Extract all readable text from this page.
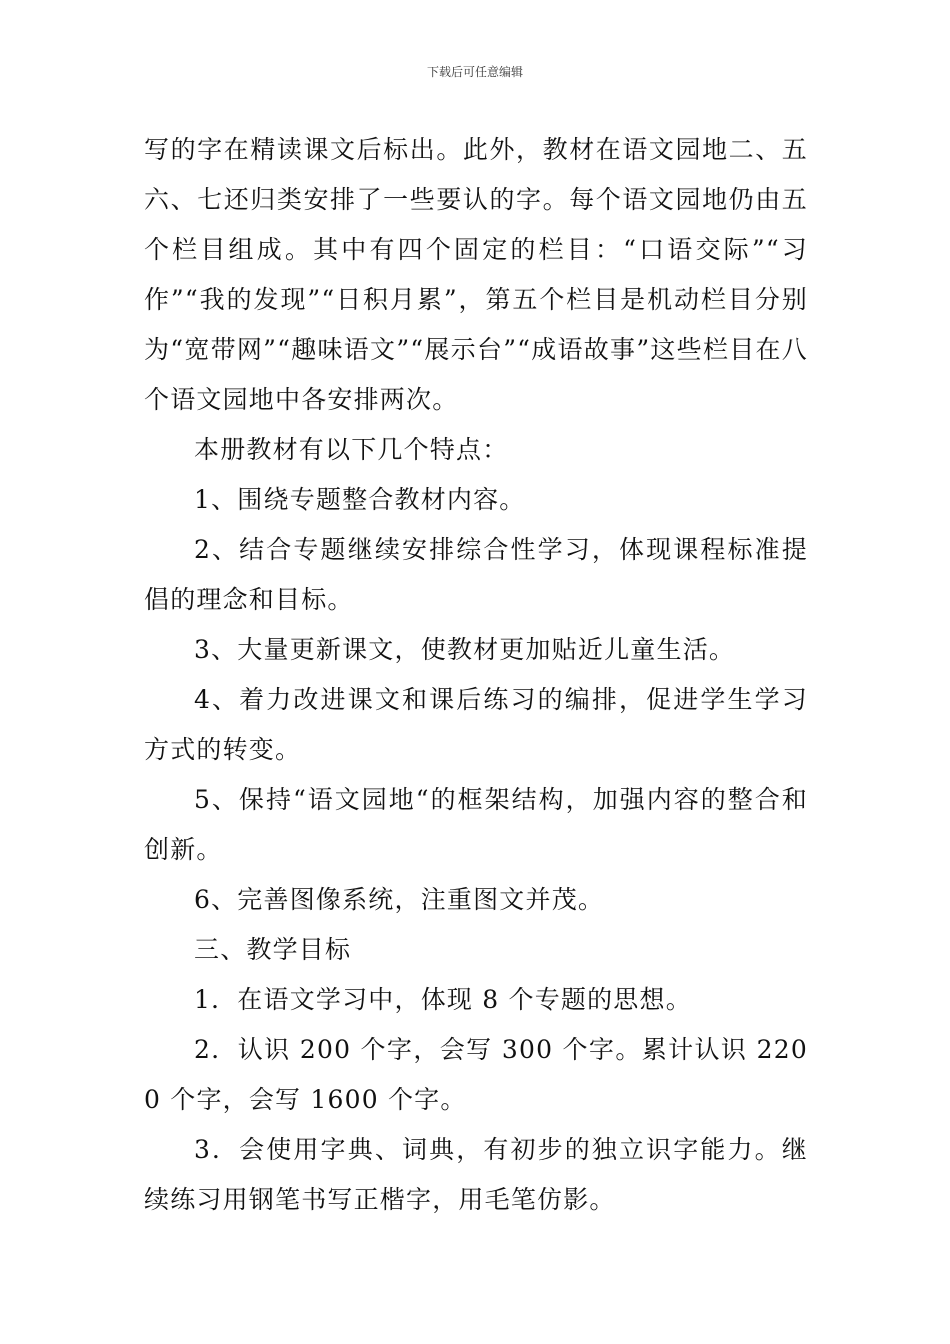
下载后可任意编辑

写的字在精读课文后标出。此外，教材在语文园地二、五六、七还归类安排了一些要认的字。每个语文园地仍由五个栏目组成。其中有四个固定的栏目：“口语交际”“习作”“我的发现”“日积月累”，第五个栏目是机动栏目分别为“宽带网”“趣味语文”“展示台”“成语故事”这些栏目在八个语文园地中各安排两次。

本册教材有以下几个特点：

1、围绕专题整合教材内容。

2、结合专题继续安排综合性学习，体现课程标准提倡的理念和目标。

3、大量更新课文，使教材更加贴近儿童生活。

4、着力改进课文和课后练习的编排，促进学生学习方式的转变。

5、保持“语文园地“的框架结构，加强内容的整合和创新。

6、完善图像系统，注重图文并茂。

三、教学目标

1．在语文学习中，体现 8 个专题的思想。

2．认识 200 个字，会写 300 个字。累计认识 2200 个字，会写 1600 个字。

3．会使用字典、词典，有初步的独立识字能力。继续练习用钢笔书写正楷字，用毛笔仿影。
